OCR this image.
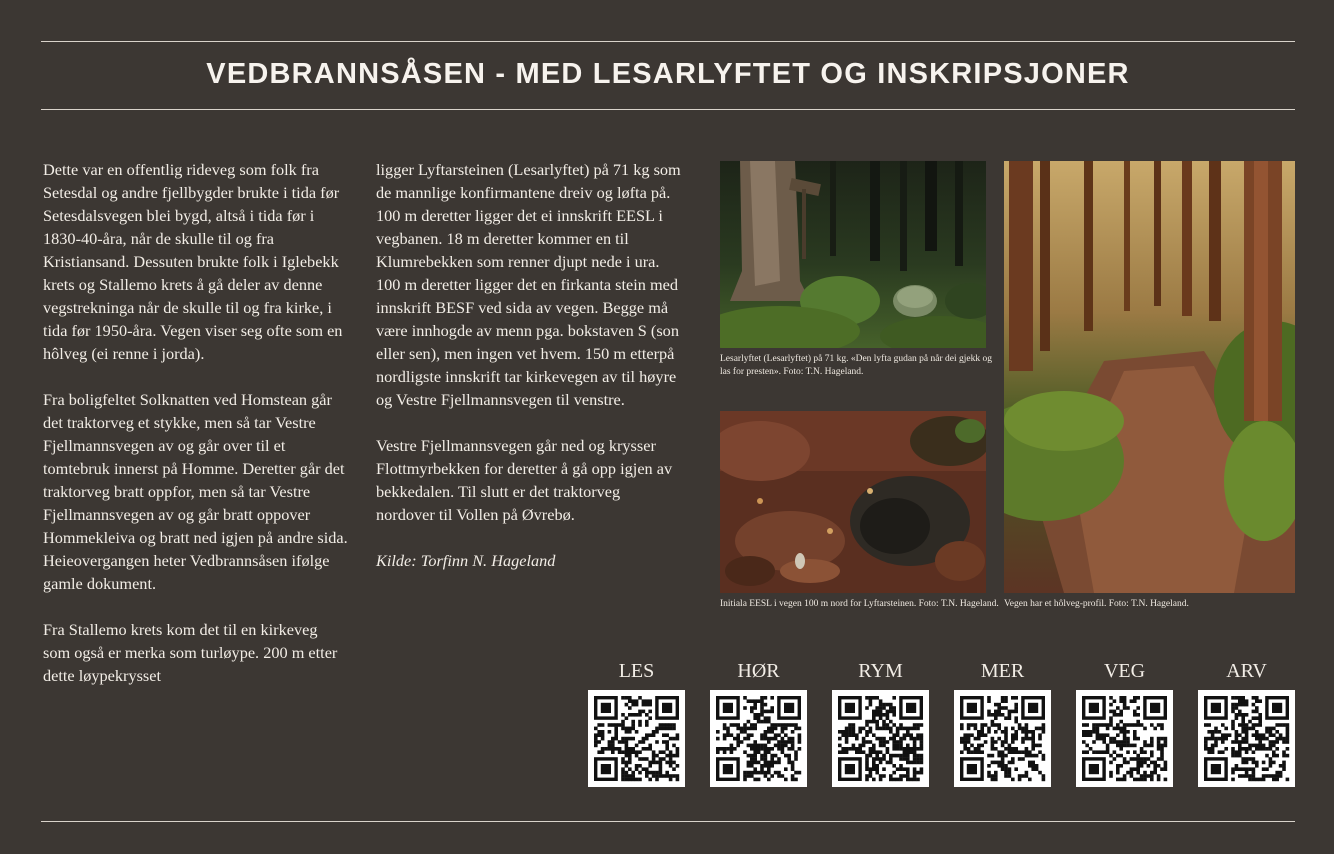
VEDBRANNSÅSEN - MED LESARLYFTET OG INSKRIPSJONER

Dette var en offentlig rideveg som folk fra Setesdal og andre fjellbygder brukte i tida før Setesdalsvegen blei bygd, altså i tida før i 1830-40-åra, når de skulle til og fra Kristiansand. Dessuten brukte folk i Iglebekk krets og Stallemo krets å gå deler av denne vegstrekninga når de skulle til og fra kirke, i tida før 1950-åra. Vegen viser seg ofte som en hôlveg (ei renne i jorda).

Fra boligfeltet Solknatten ved Homstean går det traktorveg et stykke, men så tar Vestre Fjellmannsvegen av og går over til et tomtebruk innerst på Homme. Deretter går det traktorveg bratt oppfor, men så tar Vestre Fjellmannsvegen av og går bratt oppover Hommekleiva og bratt ned igjen på andre sida. Heieovergangen heter Vedbrannsåsen ifølge gamle dokument.

Fra Stallemo krets kom det til en kirkeveg som også er merka som turløype. 200 m etter dette løypekrysset

ligger Lyftarsteinen (Lesarlyftet) på 71 kg som de mannlige konfirmantene dreiv og løfta på. 100 m deretter ligger det ei innskrift EESL i vegbanen. 18 m deretter kommer en til Klumrebekken som renner djupt nede i ura. 100 m deretter ligger det en firkanta stein med innskrift BESF ved sida av vegen. Begge må være innhogde av menn pga. bokstaven S (son eller sen), men ingen vet hvem. 150 m etterpå nordligste innskrift tar kirkevegen av til høyre og Vestre Fjellmannsvegen til venstre.

Vestre Fjellmannsvegen går ned og krysser Flottmyrbekken for deretter å gå opp igjen av bekkedalen. Til slutt er det traktorveg nordover til Vollen på Øvrebø.

Kilde: Torfinn N. Hageland

Lesarlyftet (Lesarlyftet) på 71 kg. «Den lyfta gudan på når dei gjekk og las for presten». Foto: T.N. Hageland.
Initiala EESL i vegen 100 m nord for Lyftarsteinen. Foto: T.N. Hageland. Vegen har et hôlveg-profil. Foto: T.N. Hageland.
LES	HØR	RYM	MER	VEG	ARV
